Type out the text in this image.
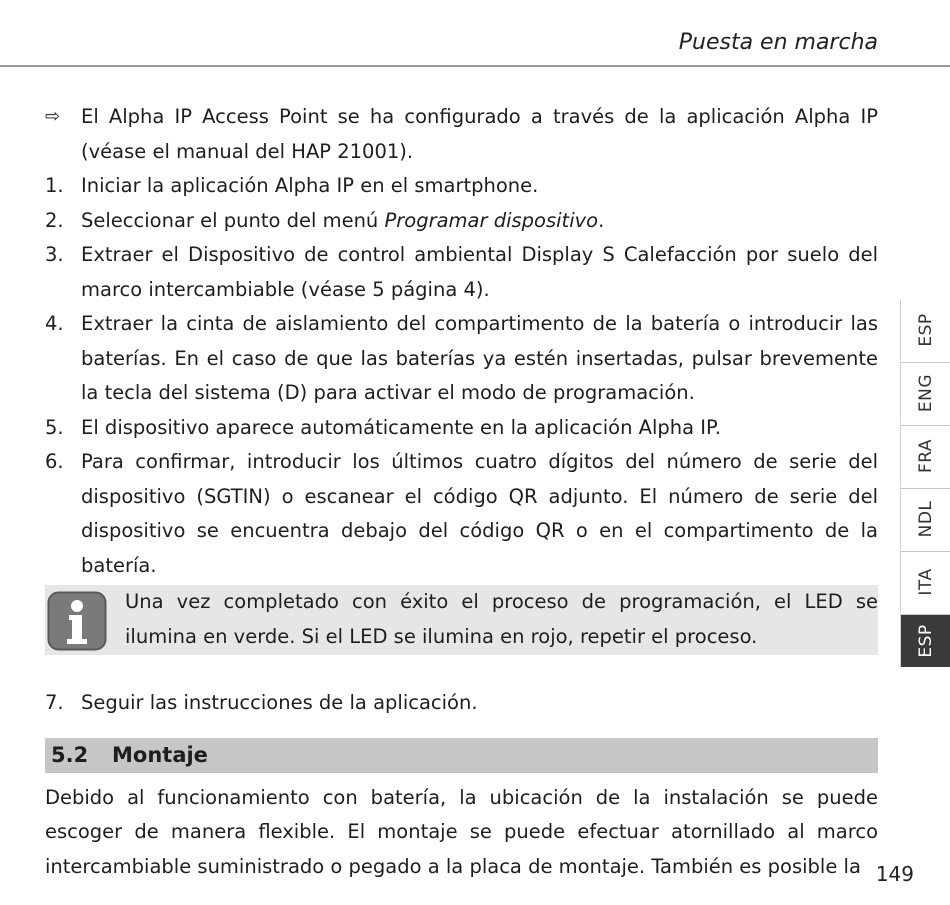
Puesta en marcha
⇨	El Alpha IP Access Point se ha configurado a través de la aplicación Alpha IP (véase el manual del HAP 21001).
1. Iniciar la aplicación Alpha IP en el smartphone.
2. Seleccionar el punto del menú Programar dispositivo.
3. Extraer el Dispositivo de control ambiental Display S Calefacción por suelo del marco intercambiable (véase 5 página 4).
4. Extraer la cinta de aislamiento del compartimento de la batería o introducir las baterías. En el caso de que las baterías ya estén insertadas, pulsar brevemente la tecla del sistema (D) para activar el modo de programación.
5. El dispositivo aparece automáticamente en la aplicación Alpha IP.
6. Para confirmar, introducir los últimos cuatro dígitos del número de serie del dispositivo (SGTIN) o escanear el código QR adjunto. El número de serie del dispositivo se encuentra debajo del código QR o en el compartimento de la batería.
Una vez completado con éxito el proceso de programación, el LED se ilumina en verde. Si el LED se ilumina en rojo, repetir el proceso.
7. Seguir las instrucciones de la aplicación.
5.2 Montaje
Debido al funcionamiento con batería, la ubicación de la instalación se puede escoger de manera flexible. El montaje se puede efectuar atornillado al marco intercambiable suministrado o pegado a la placa de montaje. También es posible la
ESP
ENG
FRA
NDL
ITA
ESP
149
